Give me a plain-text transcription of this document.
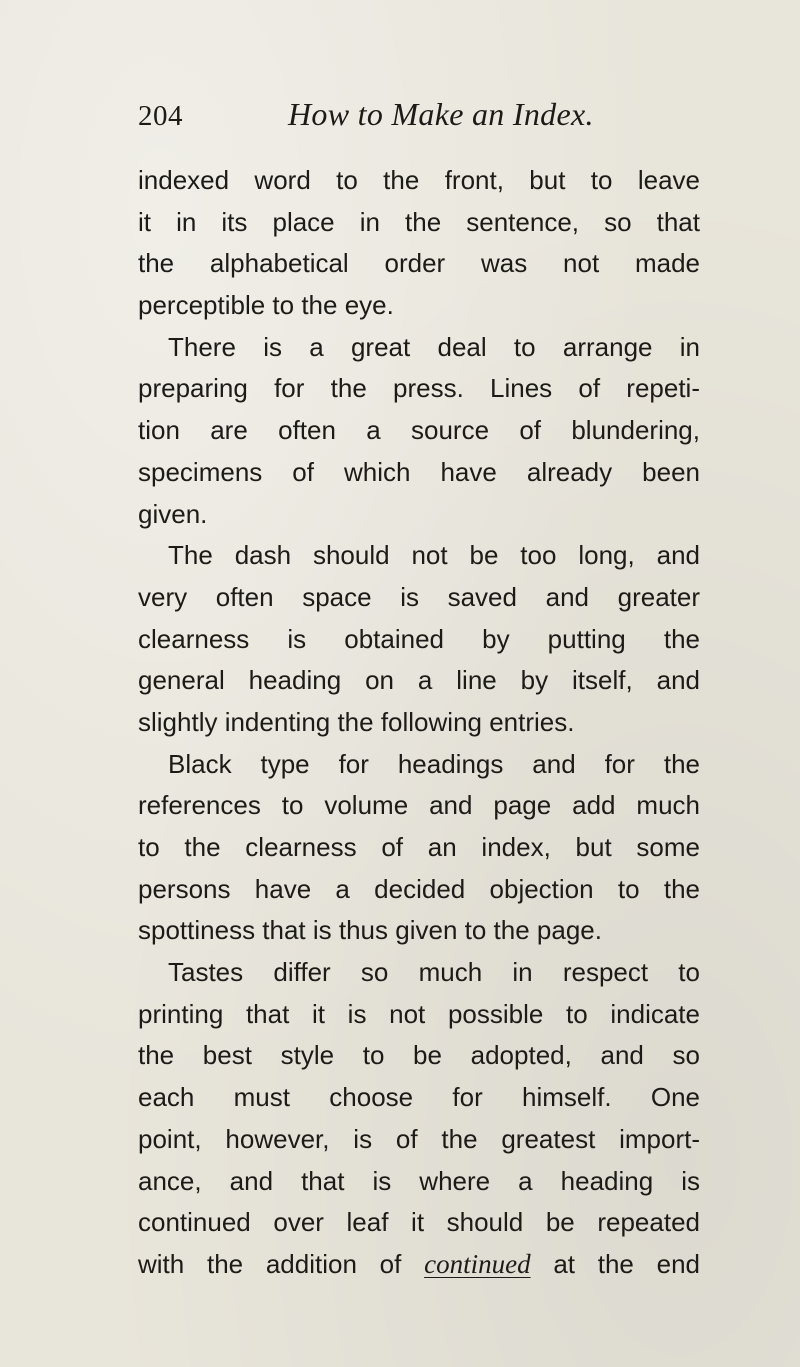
204	How to Make an Index.
indexed word to the front, but to leave
it in its place in the sentence, so that
the alphabetical order was not made
perceptible to the eye.
There is a great deal to arrange in
preparing for the press. Lines of repeti-
tion are often a source of blundering,
specimens of which have already been
given.
The dash should not be too long, and
very often space is saved and greater
clearness is obtained by putting the
general heading on a line by itself, and
slightly indenting the following entries.
Black type for headings and for the
references to volume and page add much
to the clearness of an index, but some
persons have a decided objection to the
spottiness that is thus given to the page.
Tastes differ so much in respect to
printing that it is not possible to indicate
the best style to be adopted, and so
each must choose for himself. One
point, however, is of the greatest import-
ance, and that is where a heading is
continued over leaf it should be repeated
with the addition of continued at the end
